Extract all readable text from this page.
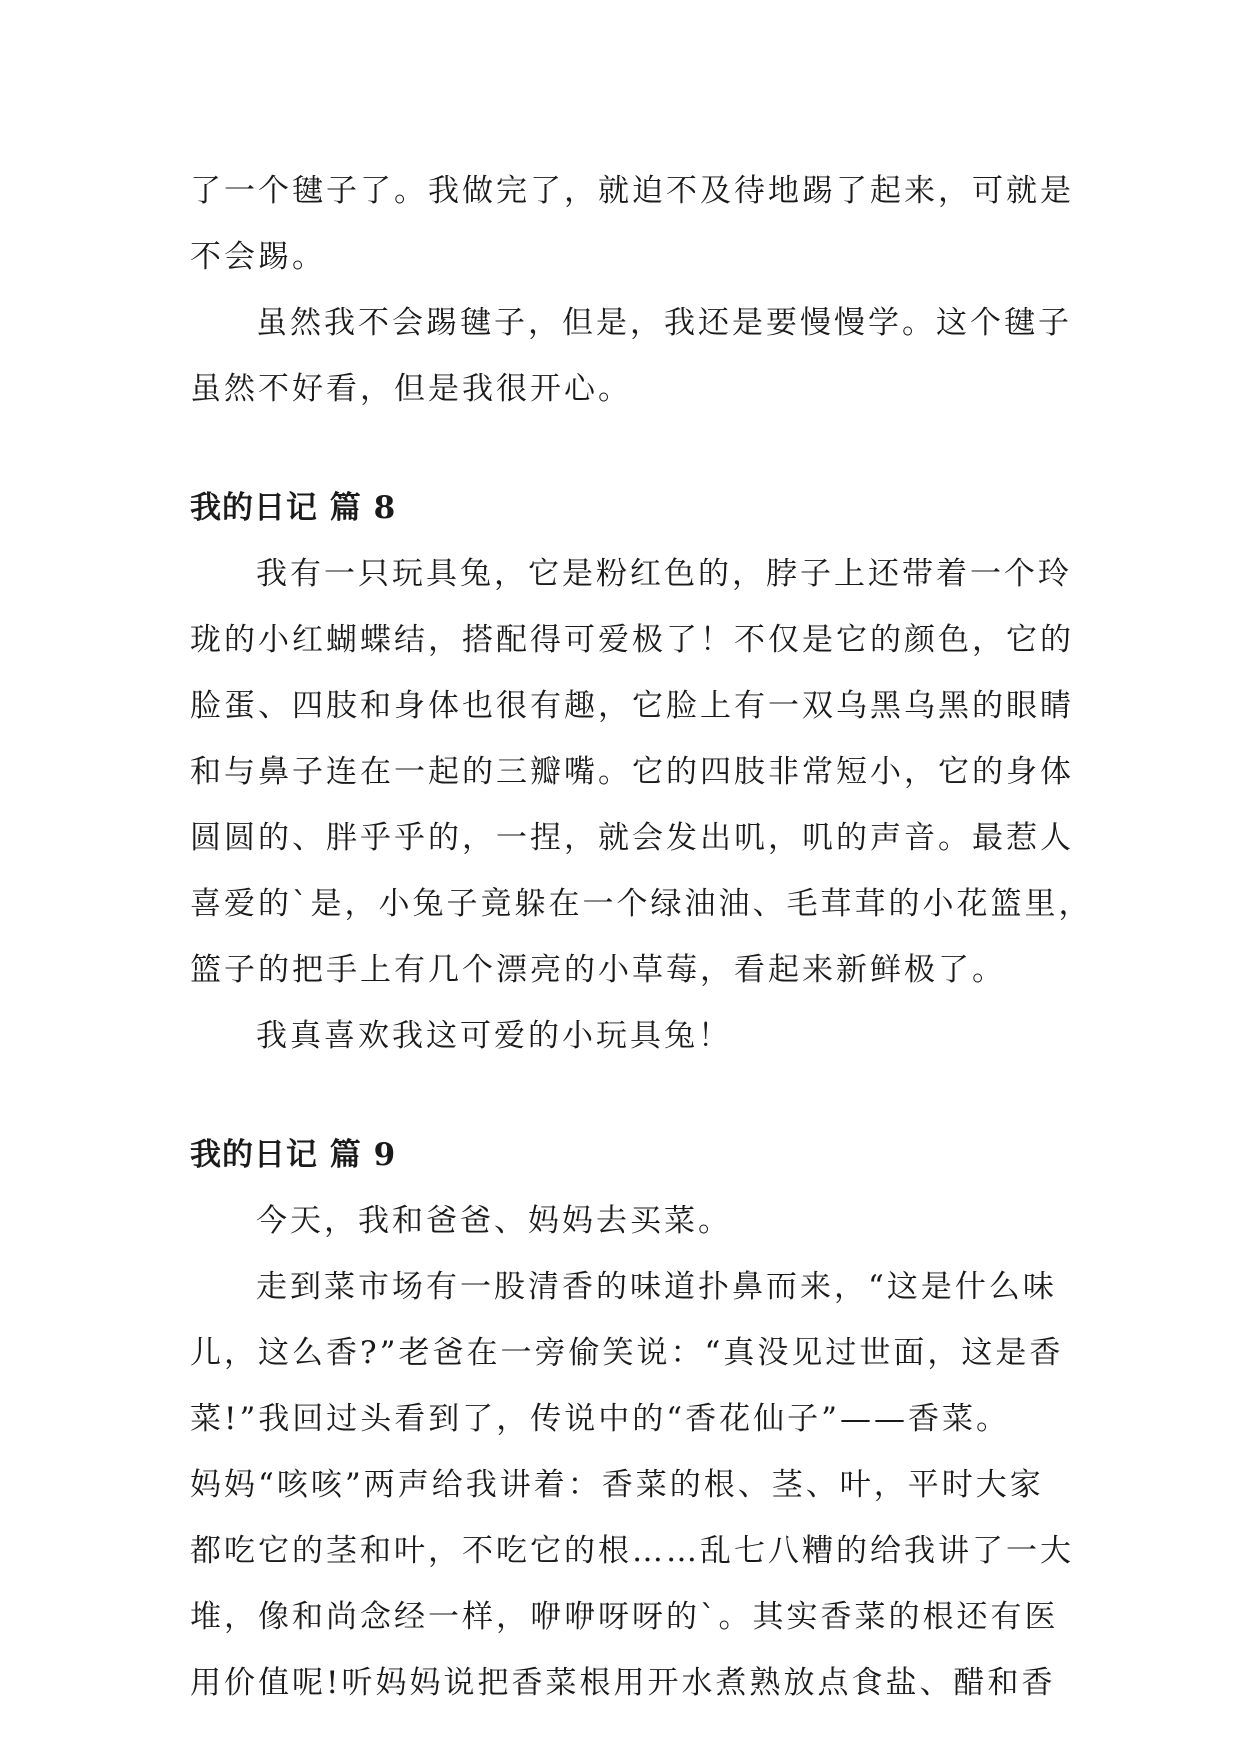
了一个毽子了。我做完了，就迫不及待地踢了起来，可就是
不会踢。

虽然我不会踢毽子，但是，我还是要慢慢学。这个毽子
虽然不好看，但是我很开心。

我的日记 篇 8

我有一只玩具兔，它是粉红色的，脖子上还带着一个玲
珑的小红蝴蝶结，搭配得可爱极了！不仅是它的颜色，它的
脸蛋、四肢和身体也很有趣，它脸上有一双乌黑乌黑的眼睛
和与鼻子连在一起的三瓣嘴。它的四肢非常短小，它的身体
圆圆的、胖乎乎的，一捏，就会发出叽，叽的声音。最惹人
喜爱的`是，小兔子竟躲在一个绿油油、毛茸茸的小花篮里，
篮子的把手上有几个漂亮的小草莓，看起来新鲜极了。

我真喜欢我这可爱的小玩具兔！

我的日记 篇 9

今天，我和爸爸、妈妈去买菜。

走到菜市场有一股清香的味道扑鼻而来，“这是什么味
儿，这么香?”老爸在一旁偷笑说：“真没见过世面，这是香
菜!”我回过头看到了，传说中的“香花仙子”——香菜。
妈妈“咳咳”两声给我讲着：香菜的根、茎、叶，平时大家
都吃它的茎和叶，不吃它的根……乱七八糟的给我讲了一大
堆，像和尚念经一样，咿咿呀呀的`。其实香菜的根还有医
用价值呢!听妈妈说把香菜根用开水煮熟放点食盐、醋和香
